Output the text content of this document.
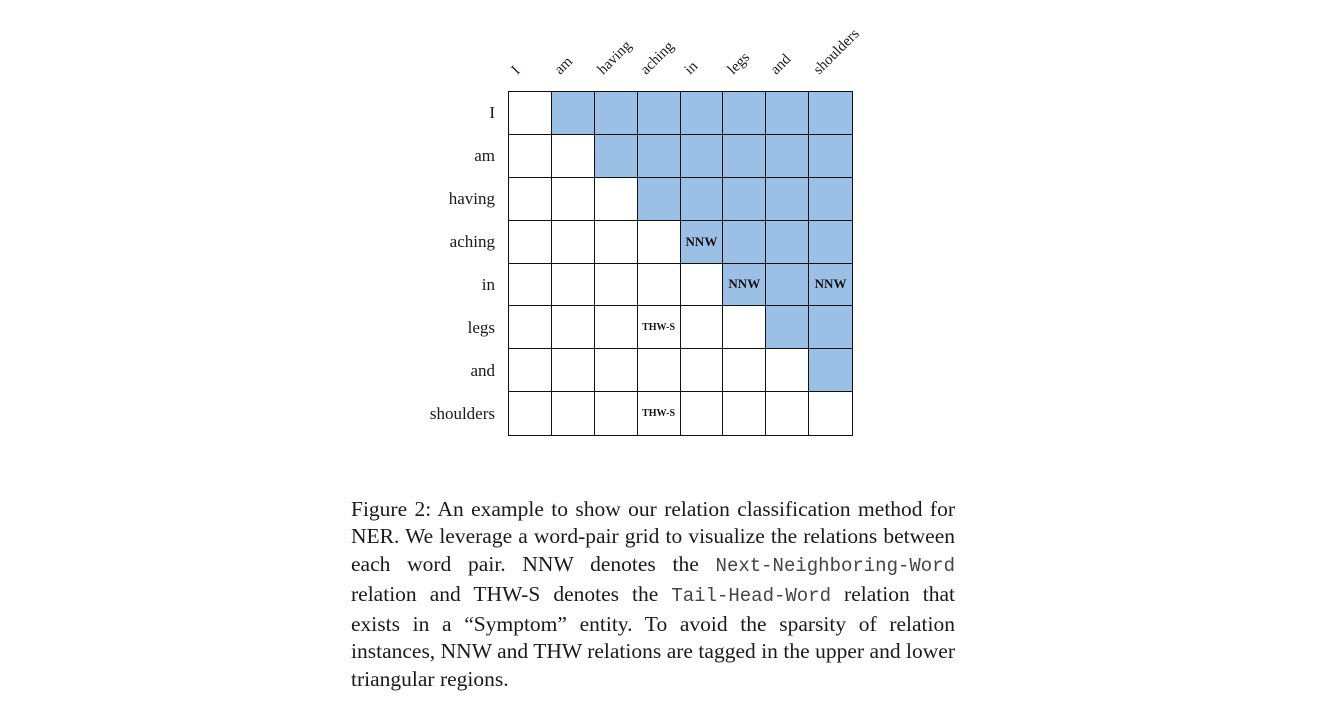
I am having aching in legs and shoulders
I
am
having
aching
in
legs
and
shoulders
NNW
NNW	NNW
THW-S
THW-S

Figure 2: An example to show our relation classification method for NER. We leverage a word-pair grid to visualize the relations between each word pair. NNW denotes the Next-Neighboring-Word relation and THW-S denotes the Tail-Head-Word relation that exists in a “Symptom” entity. To avoid the sparsity of relation instances, NNW and THW relations are tagged in the upper and lower triangular regions.
